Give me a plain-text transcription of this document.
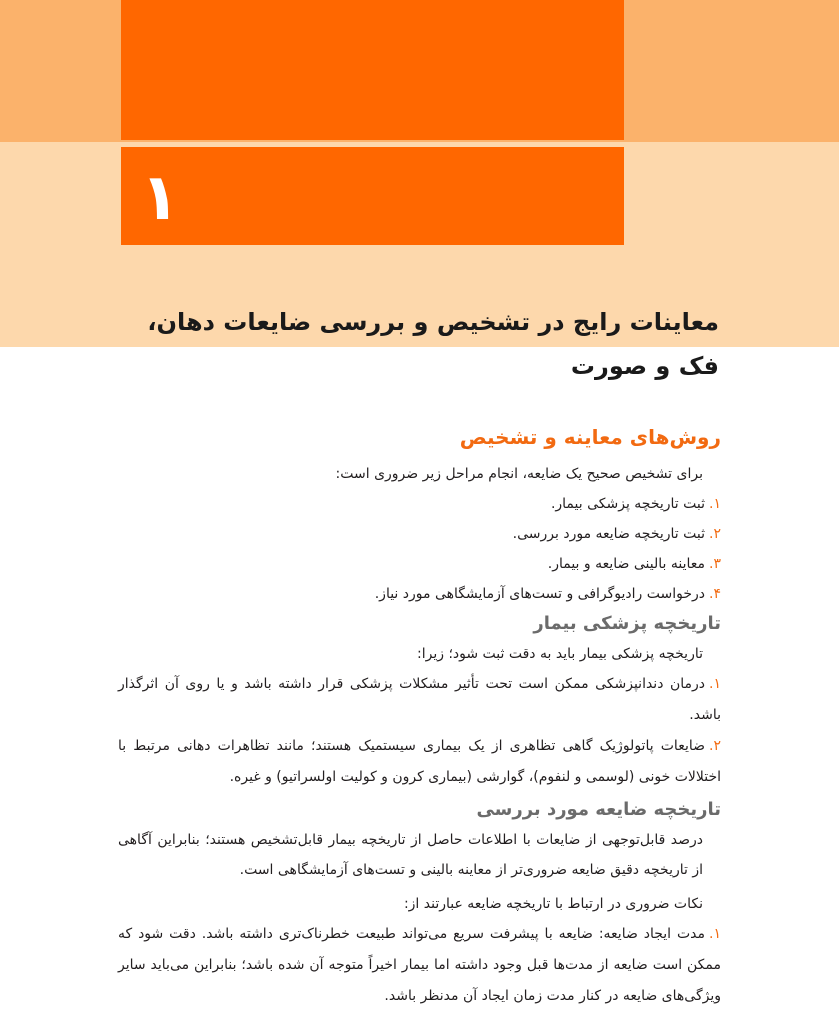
۱
معاینات رایج در تشخیص و بررسی ضایعات دهان، فک و صورت
روش‌های معاینه و تشخیص

برای تشخیص صحیح یک ضایعه، انجام مراحل زیر ضروری است:

۱.ثبت تاریخچه پزشکی بیمار.
۲.ثبت تاریخچه ضایعه مورد بررسی.
۳.معاینه بالینی ضایعه و بیمار.
۴.درخواست رادیوگرافی و تست‌های آزمایشگاهی مورد نیاز.
تاریخچه پزشکی بیمار

تاریخچه پزشکی بیمار باید به دقت ثبت شود؛ زیرا:

۱.درمان دندانپزشکی ممکن است تحت تأثیر مشکلات پزشکی قرار داشته باشد و یا روی آن اثرگذار باشد.
۲.ضایعات پاتولوژیک گاهی تظاهری از یک بیماری سیستمیک هستند؛ مانند تظاهرات دهانی مرتبط با اختلالات خونی (لوسمی و لنفوم)، گوارشی (بیماری کرون و کولیت اولسراتیو) و غیره.
تاریخچه ضایعه مورد بررسی

درصد قابل‌توجهی از ضایعات با اطلاعات حاصل از تاریخچه بیمار قابل‌تشخیص هستند؛ بنابراین آگاهی از تاریخچه دقیق ضایعه ضروری‌تر از معاینه بالینی و تست‌های آزمایشگاهی است.

نکات ضروری در ارتباط با تاریخچه ضایعه عبارتند از:

۱.مدت ایجاد ضایعه: ضایعه با پیشرفت سریع می‌تواند طبیعت خطرناک‌تری داشته باشد. دقت شود که ممکن است ضایعه از مدت‌ها قبل وجود داشته اما بیمار اخیراً متوجه آن شده باشد؛ بنابراین می‌باید سایر ویژگی‌های ضایعه در کنار مدت زمان ایجاد آن مدنظر باشد.
